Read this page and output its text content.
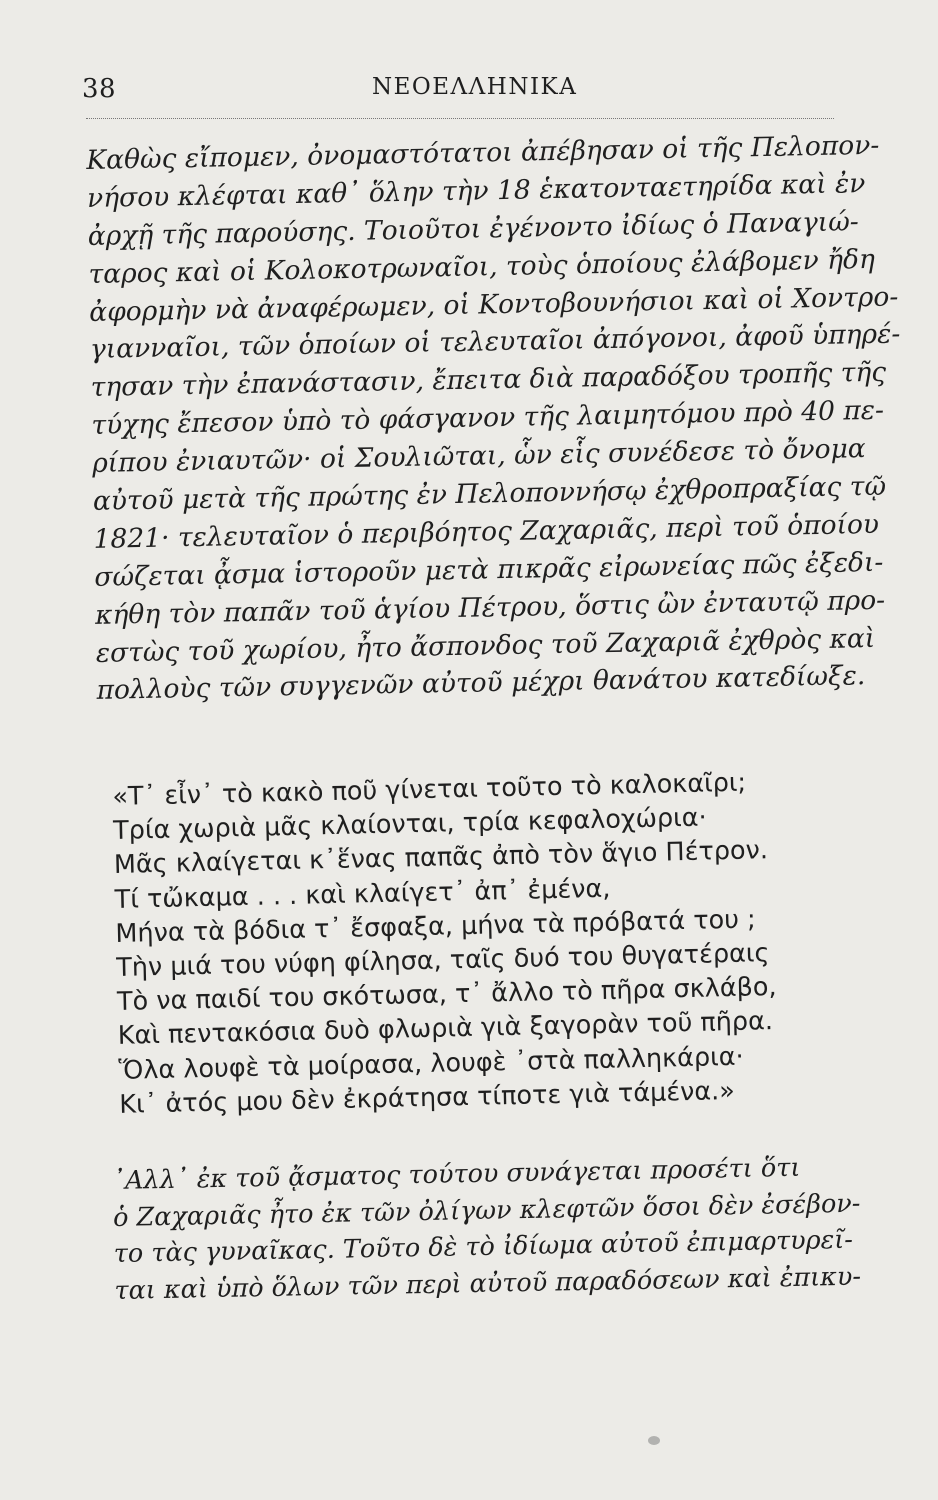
38	ΝΕΟΕΛΛΗΝΙΚΑ
Καθὼς εἴπομεν, ὀνομαστότατοι ἀπέβησαν οἱ τῆς Πελοπον-
νήσου κλέφται καθ᾽ ὅλην τὴν 18 ἑκατονταετηρίδα καὶ ἐν
ἀρχῇ τῆς παρούσης. Τοιοῦτοι ἐγένοντο ἰδίως ὁ Παναγιώ-
ταρος καὶ οἱ Κολοκοτρωναῖοι, τοὺς ὁποίους ἐλάβομεν ἤδη
ἀφορμὴν νὰ ἀναφέρωμεν, οἱ Κοντοβουνήσιοι καὶ οἱ Χοντρο-
γιανναῖοι, τῶν ὁποίων οἱ τελευταῖοι ἀπόγονοι, ἀφοῦ ὑπηρέ-
τησαν τὴν ἐπανάστασιν, ἔπειτα διὰ παραδόξου τροπῆς τῆς
τύχης ἔπεσον ὑπὸ τὸ φάσγανον τῆς λαιμητόμου πρὸ 40 πε-
ρίπου ἐνιαυτῶν· οἱ Σουλιῶται, ὧν εἷς συνέδεσε τὸ ὄνομα
αὐτοῦ μετὰ τῆς πρώτης ἐν Πελοποννήσῳ ἐχθροπραξίας τῷ
1821· τελευταῖον ὁ περιβόητος Ζαχαριᾶς, περὶ τοῦ ὁποίου
σώζεται ᾆσμα ἱστοροῦν μετὰ πικρᾶς εἰρωνείας πῶς ἐξεδι-
κήθη τὸν παπᾶν τοῦ ἁγίου Πέτρου, ὅστις ὢν ἐνταυτῷ προ-
εστὼς τοῦ χωρίου, ἦτο ἄσπονδος τοῦ Ζαχαριᾶ ἐχθρὸς καὶ
πολλοὺς τῶν συγγενῶν αὐτοῦ μέχρι θανάτου κατεδίωξε.
«Τ᾽ εἶν᾽ τὸ κακὸ ποῦ γίνεται τοῦτο τὸ καλοκαῖρι;
Τρία χωριὰ μᾶς κλαίονται, τρία κεφαλοχώρια·
Μᾶς κλαίγεται κ᾽ἕνας παπᾶς ἀπὸ τὸν ἅγιο Πέτρον.
Τί τὤκαμα . . . καὶ κλαίγετ᾽ ἀπ᾽ ἐμένα,
Μήνα τὰ βόδια τ᾽ ἔσφαξα, μήνα τὰ πρόβατά του ;
Τὴν μιά του νύφη φίλησα, ταῖς δυό του θυγατέραις
Τὸ να παιδί του σκότωσα, τ᾽ ἄλλο τὸ πῆρα σκλάβο,
Καὶ πεντακόσια δυὸ φλωριὰ γιὰ ξαγορὰν τοῦ πῆρα.
Ὅλα λουφὲ τὰ μοίρασα, λουφὲ ᾽στὰ παλληκάρια·
Κι᾽ ἀτός μου δὲν ἐκράτησα τίποτε γιὰ τάμένα.»
᾽Αλλ᾽ ἐκ τοῦ ᾄσματος τούτου συνάγεται προσέτι ὅτι
ὁ Ζαχαριᾶς ἦτο ἐκ τῶν ὀλίγων κλεφτῶν ὅσοι δὲν ἐσέβον-
το τὰς γυναῖκας. Τοῦτο δὲ τὸ ἰδίωμα αὐτοῦ ἐπιμαρτυρεῖ-
ται καὶ ὑπὸ ὅλων τῶν περὶ αὐτοῦ παραδόσεων καὶ ἐπικυ-
